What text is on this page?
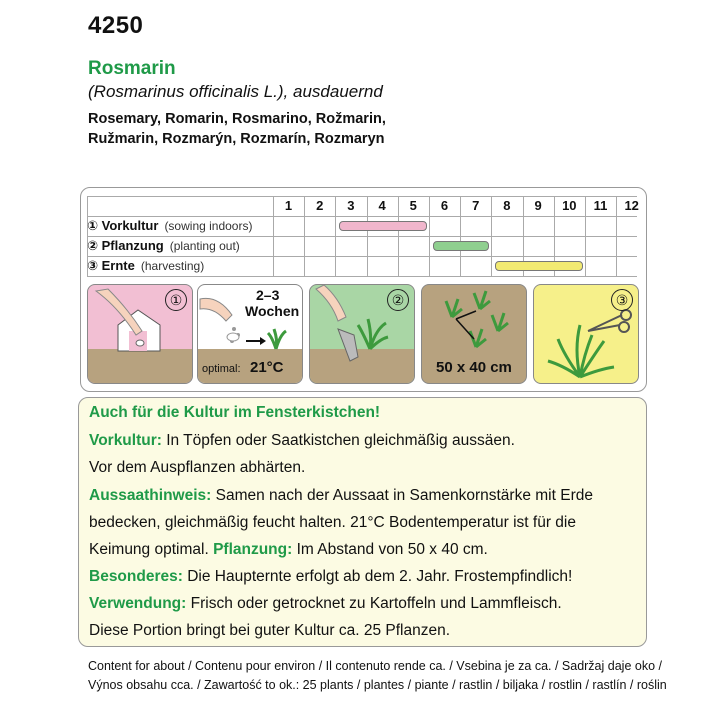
4250
Rosmarin
(Rosmarinus officinalis L.), ausdauernd
Rosemary, Romarin, Rosmarino, Rožmarin,
Ružmarin, Rozmarýn, Rozmarín, Rozmaryn
1	2	3	4	5	6	7	8	9	10	11	12
① Vorkultur (sowing indoors)
② Pflanzung (planting out)
③ Ernte (harvesting)
①	2–3
Wochen
optimal: 21°C
②
50 x 40 cm
③
Auch für die Kultur im Fensterkistchen!
Vorkultur: In Töpfen oder Saatkistchen gleichmäßig aussäen.
Vor dem Auspflanzen abhärten.
Aussaathinweis: Samen nach der Aussaat in Samenkornstärke mit Erde
bedecken, gleichmäßig feucht halten. 21°C Bodentemperatur ist für die
Keimung optimal. Pflanzung: Im Abstand von 50 x 40 cm.
Besonderes: Die Haupternte erfolgt ab dem 2. Jahr. Frostempfindlich!
Verwendung: Frisch oder getrocknet zu Kartoffeln und Lammfleisch.
Diese Portion bringt bei guter Kultur ca. 25 Pflanzen.
Content for about / Contenu pour environ / Il contenuto rende ca. / Vsebina je za ca. / Sadržaj daje oko /
Výnos obsahu cca. / Zawartość to ok.: 25 plants / plantes / piante / rastlin / biljaka / rostlin / rastlín / roślin
